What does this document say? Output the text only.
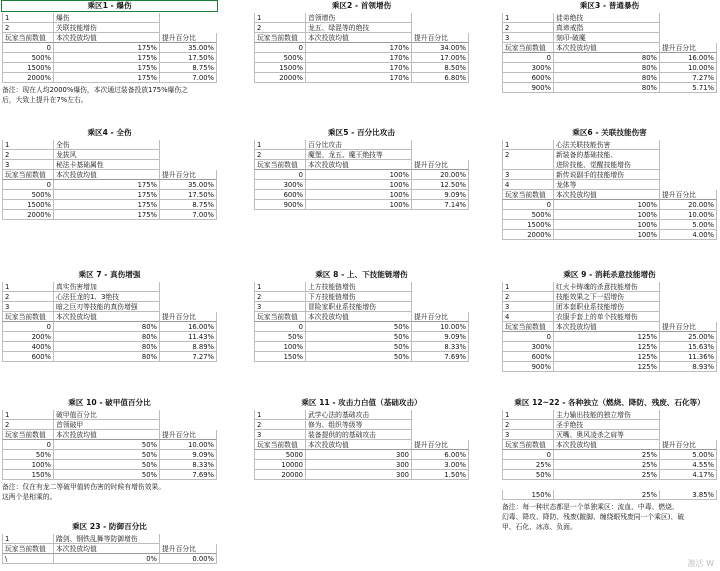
乘区1 - 爆伤
1	爆伤
2	关联技能增伤
玩家当前数值	本次投放均值	提升百分比
0	175%	35.00%
500%	175%	17.50%
1500%	175%	8.75%
2000%	175%	7.00%
备注：现在人均2000%爆伤，本次通过装备投放175%爆伤之
后，大致上提升在7%左右。
乘区2 - 首领增伤
1	首领增伤
2	龙五、绿混等的绝技
玩家当前数值	本次投放均值	提升百分比
0	170%	34.00%
500%	170%	17.00%
1500%	170%	8.50%
2000%	170%	6.80%
乘区3 - 普通暴伤
1	徒弟绝技
2	真谛戒指
3	刻印-破魔
玩家当前数值	本次投放均值	提升百分比
0	80%	16.00%
300%	80%	10.00%
600%	80%	7.27%
900%	80%	5.71%
乘区4 - 全伤
1	全伤
2	龙拔风
3	秘法卡基础属性
玩家当前数值	本次投放均值	提升百分比
0	175%	35.00%
500%	175%	17.50%
1500%	175%	8.75%
2000%	175%	7.00%
乘区5 - 百分比攻击
1	百分比攻击
2	魔堡、龙五、魔王绝技等
玩家当前数值	本次投放均值	提升百分比
0	100%	20.00%
300%	100%	12.50%
600%	100%	9.09%
900%	100%	7.14%
乘区6 - 关联技能伤害
1	心法关联技能伤害
2	新装备的基础技能、
进阶技能、觉醒技能增伤
3	新传说副手的技能增伤
4	龙体等
玩家当前数值	本次投放均值	提升百分比
0	100%	20.00%
500%	100%	10.00%
1500%	100%	5.00%
2000%	100%	4.00%
乘区 7 - 真伤增强
1	真实伤害增加
2	心法狂龙的1、3绝技
3	暗之巨刃等技能的真伤增强
玩家当前数值	本次投放均值	提升百分比
0	80%	16.00%
200%	80%	11.43%
400%	80%	8.89%
600%	80%	7.27%
乘区 8 - 上、下技能链增伤
1	上方技能链增伤
2	下方技能链增伤
3	冒险家职业系技能增伤
玩家当前数值	本次投放均值	提升百分比
0	50%	10.00%
50%	50%	9.09%
100%	50%	8.33%
150%	50%	7.69%
乘区 9 - 消耗杀意技能增伤
1	红火卡铸魂的杀意技能增伤
2	技能效果之下一招增伤
3	团本套职业系技能增伤
4	衣服手套上的单个技能增伤
玩家当前数值	本次投放均值	提升百分比
0	125%	25.00%
300%	125%	15.63%
600%	125%	11.36%
900%	125%	8.93%
乘区 10 - 破甲值百分比
1	破甲值百分比
2	首领破甲
玩家当前数值	本次投放均值	提升百分比
0	50%	10.00%
50%	50%	9.09%
100%	50%	8.33%
150%	50%	7.69%
备注：仅在有龙二等破甲值转伤害的时候有增伤效果。
这两个是相乘的。
乘区 11 - 攻击力白值（基础攻击）
1	武学心法的基础攻击
2	修为、组织等级等
3	装备提供的的基础攻击
玩家当前数值	本次投放均值	提升百分比
5000	300	6.00%
10000	300	3.00%
20000	300	1.50%
乘区 12~22 - 各种独立（燃烧、降防、残废、石化等）
1	主力输出技能的独立增伤
2	圣手绝技
3	灭嘴、奥风凌杀之肩等
玩家当前数值	本次投放均值	提升百分比
0	25%	5.00%
25%	25%	4.55%
50%	25%	4.17%
150%	25%	3.85%
备注：每一种状态都是一个单独乘区：流血、中毒、燃烧、
幻毒、降攻、降防、残废(跛脚、缠绕眼残废同一个乘区)、破
甲、石化、冰冻、负面。
乘区 23 - 防御百分比
1	踏剑、钢铁乱舞等防御增伤
玩家当前数值	本次投放均值	提升百分比
\	0%	0.00%	激活 W
